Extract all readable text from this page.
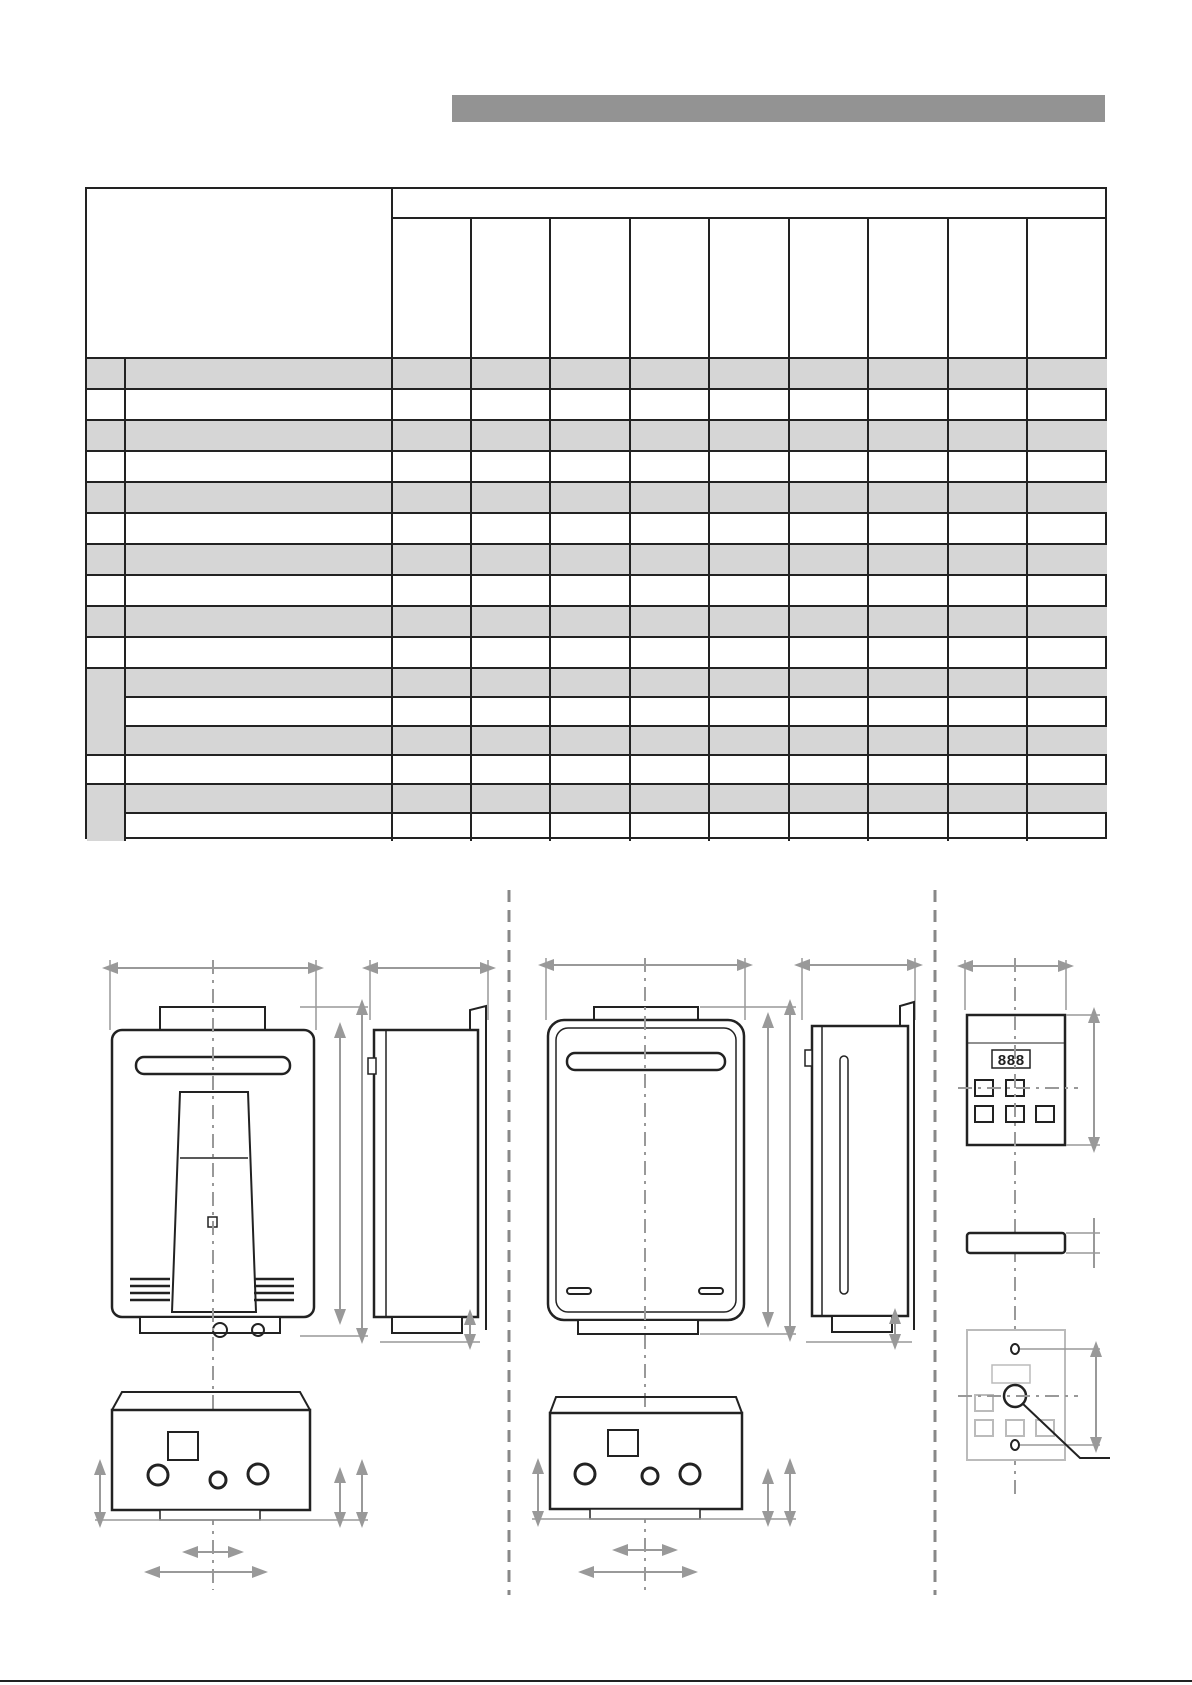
888
